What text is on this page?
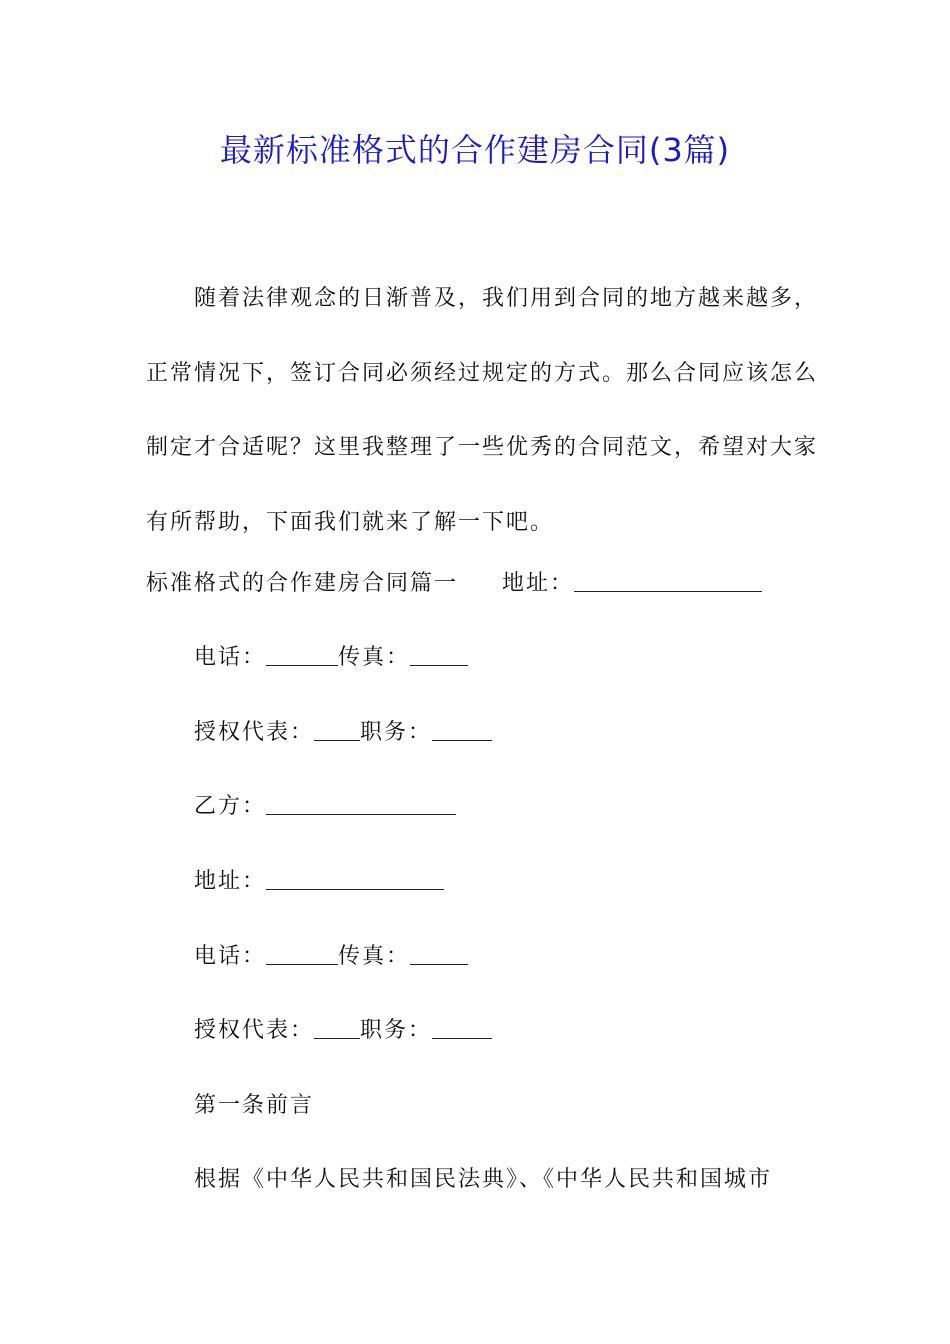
最新标准格式的合作建房合同(3篇)
随着法律观念的日渐普及，我们用到合同的地方越来越多，正常情况下，签订合同必须经过规定的方式。那么合同应该怎么制定才合适呢？这里我整理了一些优秀的合同范文，希望对大家有所帮助，下面我们就来了解一下吧。
标准格式的合作建房合同篇一 地址：
电话：	传真：
授权代表： 职务：
乙方：
地址：
电话：	传真：
授权代表： 职务：
第一条前言
根据《中华人民共和国民法典》、《中华人民共和国城市
